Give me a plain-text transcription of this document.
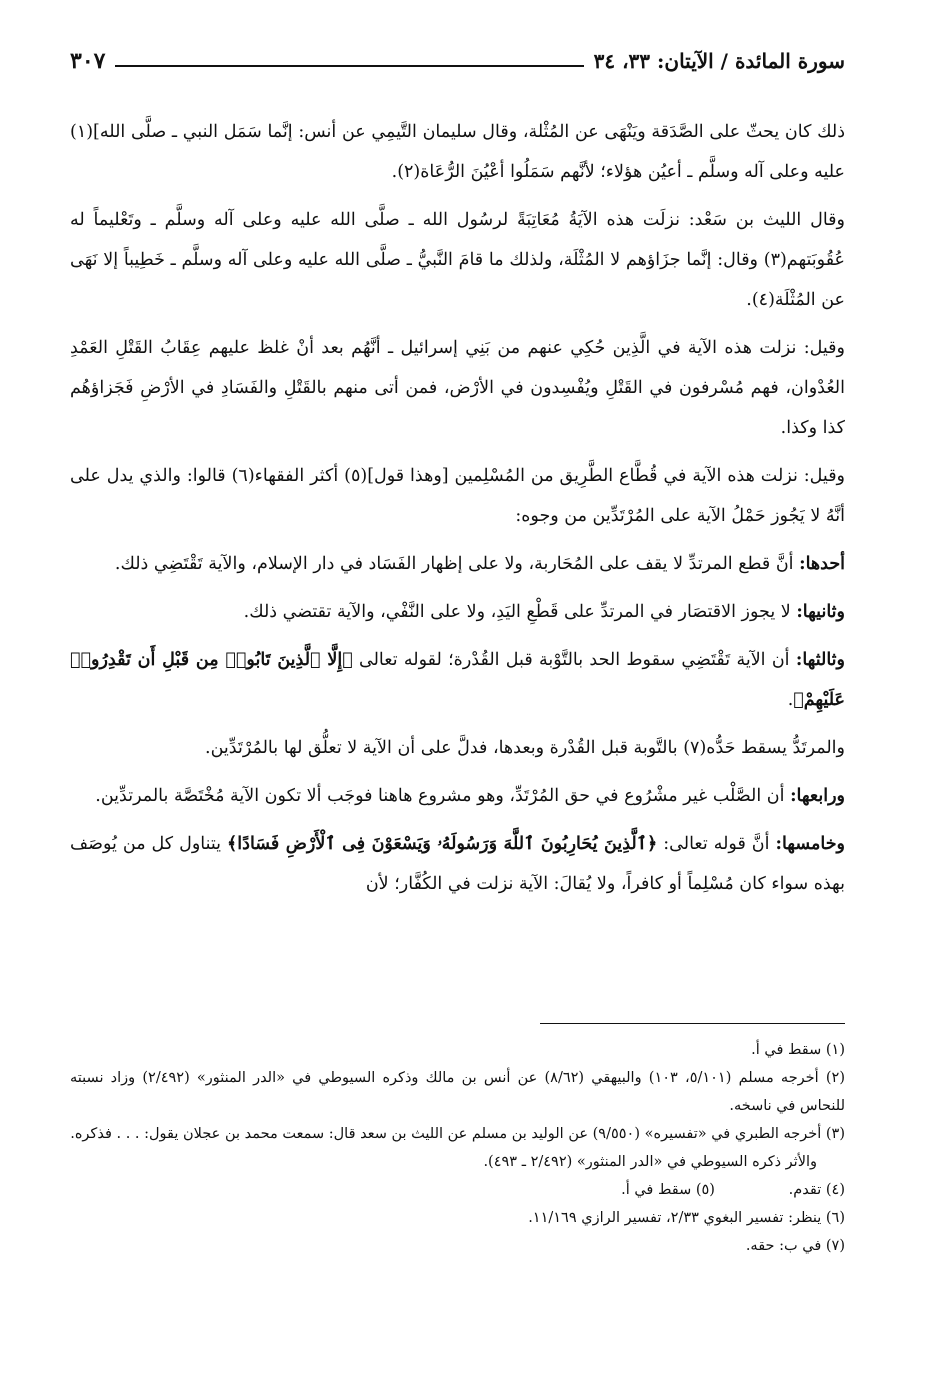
سورة المائدة / الآيتان: ٣٣، ٣٤
٣٠٧

ذلك كان يحثّ على الصَّدَقة ويَنْهَى عن المُثْلة، وقال سليمان التَّيمِي عن أنس: إنَّما سَمَل النبي ـ صلَّى الله](١) عليه وعلى آله وسلَّم ـ أعيُن هؤلاء؛ لأنَّهم سَمَلُوا أعْيُنَ الرُّعَاة(٢).

وقال الليث بن سَعْد: نزلَت هذه الآيَةُ مُعَاتِبَةً لرسُول الله ـ صلَّى الله عليه وعلى آله وسلَّم ـ وتَعْليماً له عُقُوبَتهم(٣) وقال: إنَّما جزَاؤهم لا المُثْلَة، ولذلك ما قامَ النَّبيُّ ـ صلَّى الله عليه وعلى آله وسلَّم ـ خَطِيباً إلا نَهَى عن المُثْلَة(٤).

وقيل: نزلت هذه الآية في الَّذِين حُكِي عنهم من بَنِي إسرائيل ـ أنَّهُم بعد أنْ غلظ عليهم عِقَابُ القَتْلِ العَمْدِ العُدْوان، فهم مُسْرفون في القَتْلِ ويُفْسِدون في الأرْض، فمن أتى منهم بالقَتْلِ والفَسَادِ في الأرْضِ فَجَزاؤهُم كذا وكذا.

وقيل: نزلت هذه الآية في قُطَّاع الطَّرِيق من المُسْلِمين [وهذا قول](٥) أكثر الفقهاء(٦) قالوا: والذي يدل على أنَّهُ لا يَجُوز حَمْلُ الآية على المُرْتَدِّين من وجوه:

أحدها: أنَّ قطع المرتدِّ لا يقف على المُحَاربة، ولا على إظهار الفَسَاد في دار الإسلام، والآية تَقْتَضِي ذلك.

وثانيها: لا يجوز الاقتصَار في المرتدِّ على قَطْعِ اليَدِ، ولا على النَّفْي، والآية تقتضي ذلك.

وثالثها: أن الآية تَقْتَضِي سقوط الحد بالتَّوْبة قبل القُدْرة؛ لقوله تعالى ﴿إِلَّا ٱلَّذِينَ تَابُوا۟ مِن قَبْلِ أَن تَقْدِرُوا۟ عَلَيْهِمْ﴾.

والمرتَدُّ يسقط حَدُّه(٧) بالتَّوبة قبل القُدْرة وبعدها، فدلَّ على أن الآية لا تعلُّق لها بالمُرْتَدِّين.

ورابعها: أن الصَّلْب غير مشْرُوع في حق المُرْتَدِّ، وهو مشروع هاهنا فوجَب ألا تكون الآية مُخْتَصَّة بالمرتدِّين.

وخامسها: أنَّ قوله تعالى: ﴿ٱلَّذِينَ يُحَارِبُونَ ٱللَّهَ وَرَسُولَهُۥ وَيَسْعَوْنَ فِى ٱلْأَرْضِ فَسَادًا﴾ يتناول كل من يُوصَف بهذه سواء كان مُسْلِماً أو كافراً، ولا يُقالَ: الآية نزلت في الكُفَّار؛ لأن

(١) سقط في أ.

(٢) أخرجه مسلم (٥/١٠١، ١٠٣) والبيهقي (٨/٦٢) عن أنس بن مالك وذكره السيوطي في «الدر المنثور» (٢/٤٩٢) وزاد نسبته للنحاس في ناسخه.

(٣) أخرجه الطبري في «تفسيره» (٩/٥٥٠) عن الوليد بن مسلم عن الليث بن سعد قال: سمعت محمد بن عجلان يقول: . . . فذكره.

والأثر ذكره السيوطي في «الدر المنثور» (٢/٤٩٢ ـ ٤٩٣).

(٤) تقدم.                (٥) سقط في أ.

(٦) ينظر: تفسير البغوي ٢/٣٣، تفسير الرازي ١١/١٦٩.

(٧) في ب: حقه.
